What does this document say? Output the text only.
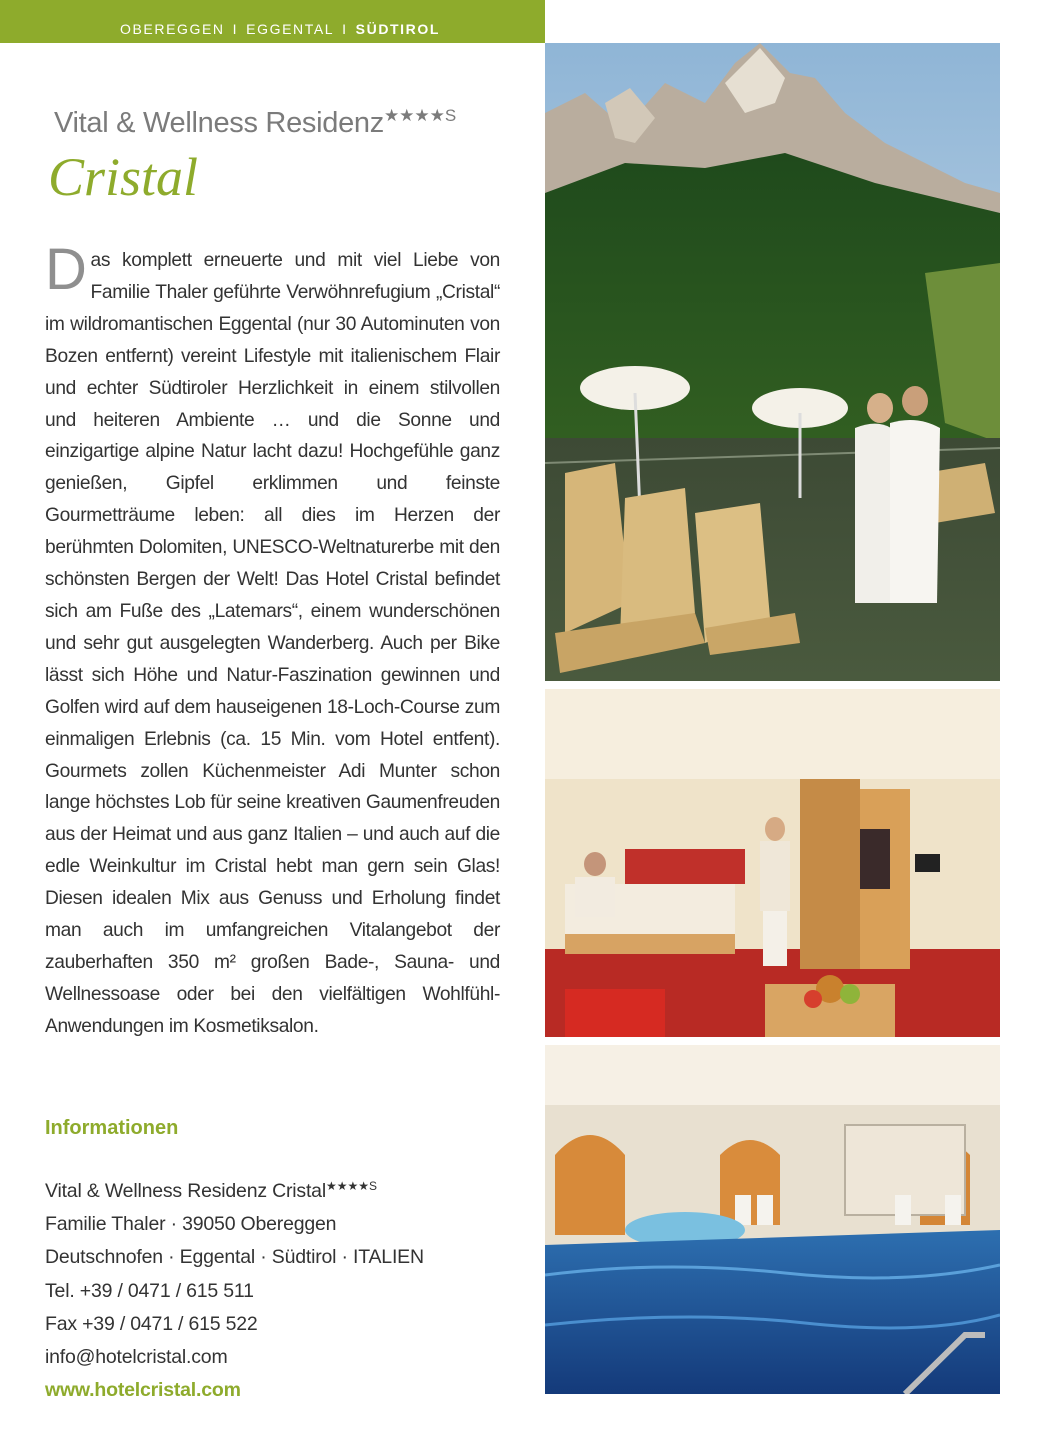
OBEREGGEN I EGGENTAL I SÜDTIROL
Vital & Wellness Residenz$^{★★★★S}$
Cristal
Das komplett erneuerte und mit viel Liebe von Familie Thaler geführte Verwöhnrefugium „Cristal“ im wildromantischen Eggental (nur 30 Autominuten von Bozen entfernt) vereint Lifestyle mit italienischem Flair und echter Südtiroler Herzlichkeit in einem stilvollen und heiteren Ambiente … und die Sonne und einzigartige alpine Natur lacht dazu! Hochgefühle ganz genießen, Gipfel erklimmen und feinste Gourmetträume leben: all dies im Herzen der berühmten Dolomiten, UNESCO-Weltnaturerbe mit den schönsten Bergen der Welt! Das Hotel Cristal befindet sich am Fuße des „Latemars“, einem wunderschönen und sehr gut ausgelegten Wanderberg. Auch per Bike lässt sich Höhe und Natur-Faszination gewinnen und Golfen wird auf dem hauseigenen 18-Loch-Course zum einmaligen Erlebnis (ca. 15 Min. vom Hotel entfent). Gourmets zollen Küchenmeister Adi Munter schon lange höchstes Lob für seine kreativen Gaumenfreuden aus der Heimat und aus ganz Italien – und auch auf die edle Weinkultur im Cristal hebt man gern sein Glas! Diesen idealen Mix aus Genuss und Erholung findet man auch im umfangreichen Vitalangebot der zauberhaften 350 m² großen Bade-, Sauna- und Wellnessoase oder bei den vielfältigen Wohlfühl-Anwendungen im Kosmetiksalon.
Informationen
Vital & Wellness Residenz Cristal$^{★★★★S}$
Familie Thaler · 39050 Obereggen
Deutschnofen · Eggental · Südtirol · ITALIEN
Tel. +39 / 0471 / 615 511
Fax +39 / 0471 / 615 522
info@hotelcristal.com
www.hotelcristal.com
